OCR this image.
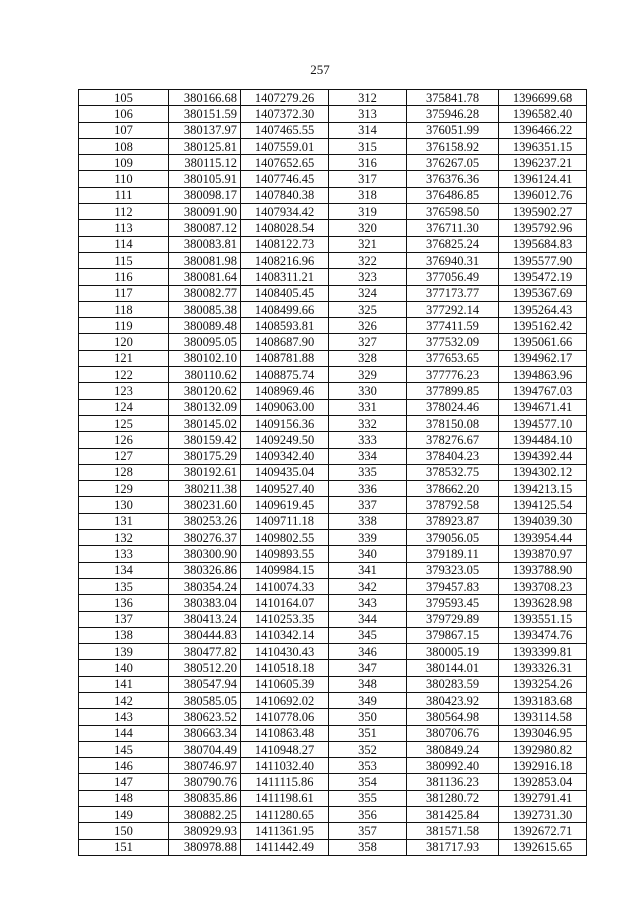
257
105	380166.68	1407279.26	312	375841.78	1396699.68
106	380151.59	1407372.30	313	375946.28	1396582.40
107	380137.97	1407465.55	314	376051.99	1396466.22
108	380125.81	1407559.01	315	376158.92	1396351.15
109	380115.12	1407652.65	316	376267.05	1396237.21
110	380105.91	1407746.45	317	376376.36	1396124.41
111	380098.17	1407840.38	318	376486.85	1396012.76
112	380091.90	1407934.42	319	376598.50	1395902.27
113	380087.12	1408028.54	320	376711.30	1395792.96
114	380083.81	1408122.73	321	376825.24	1395684.83
115	380081.98	1408216.96	322	376940.31	1395577.90
116	380081.64	1408311.21	323	377056.49	1395472.19
117	380082.77	1408405.45	324	377173.77	1395367.69
118	380085.38	1408499.66	325	377292.14	1395264.43
119	380089.48	1408593.81	326	377411.59	1395162.42
120	380095.05	1408687.90	327	377532.09	1395061.66
121	380102.10	1408781.88	328	377653.65	1394962.17
122	380110.62	1408875.74	329	377776.23	1394863.96
123	380120.62	1408969.46	330	377899.85	1394767.03
124	380132.09	1409063.00	331	378024.46	1394671.41
125	380145.02	1409156.36	332	378150.08	1394577.10
126	380159.42	1409249.50	333	378276.67	1394484.10
127	380175.29	1409342.40	334	378404.23	1394392.44
128	380192.61	1409435.04	335	378532.75	1394302.12
129	380211.38	1409527.40	336	378662.20	1394213.15
130	380231.60	1409619.45	337	378792.58	1394125.54
131	380253.26	1409711.18	338	378923.87	1394039.30
132	380276.37	1409802.55	339	379056.05	1393954.44
133	380300.90	1409893.55	340	379189.11	1393870.97
134	380326.86	1409984.15	341	379323.05	1393788.90
135	380354.24	1410074.33	342	379457.83	1393708.23
136	380383.04	1410164.07	343	379593.45	1393628.98
137	380413.24	1410253.35	344	379729.89	1393551.15
138	380444.83	1410342.14	345	379867.15	1393474.76
139	380477.82	1410430.43	346	380005.19	1393399.81
140	380512.20	1410518.18	347	380144.01	1393326.31
141	380547.94	1410605.39	348	380283.59	1393254.26
142	380585.05	1410692.02	349	380423.92	1393183.68
143	380623.52	1410778.06	350	380564.98	1393114.58
144	380663.34	1410863.48	351	380706.76	1393046.95
145	380704.49	1410948.27	352	380849.24	1392980.82
146	380746.97	1411032.40	353	380992.40	1392916.18
147	380790.76	1411115.86	354	381136.23	1392853.04
148	380835.86	1411198.61	355	381280.72	1392791.41
149	380882.25	1411280.65	356	381425.84	1392731.30
150	380929.93	1411361.95	357	381571.58	1392672.71
151	380978.88	1411442.49	358	381717.93	1392615.65
